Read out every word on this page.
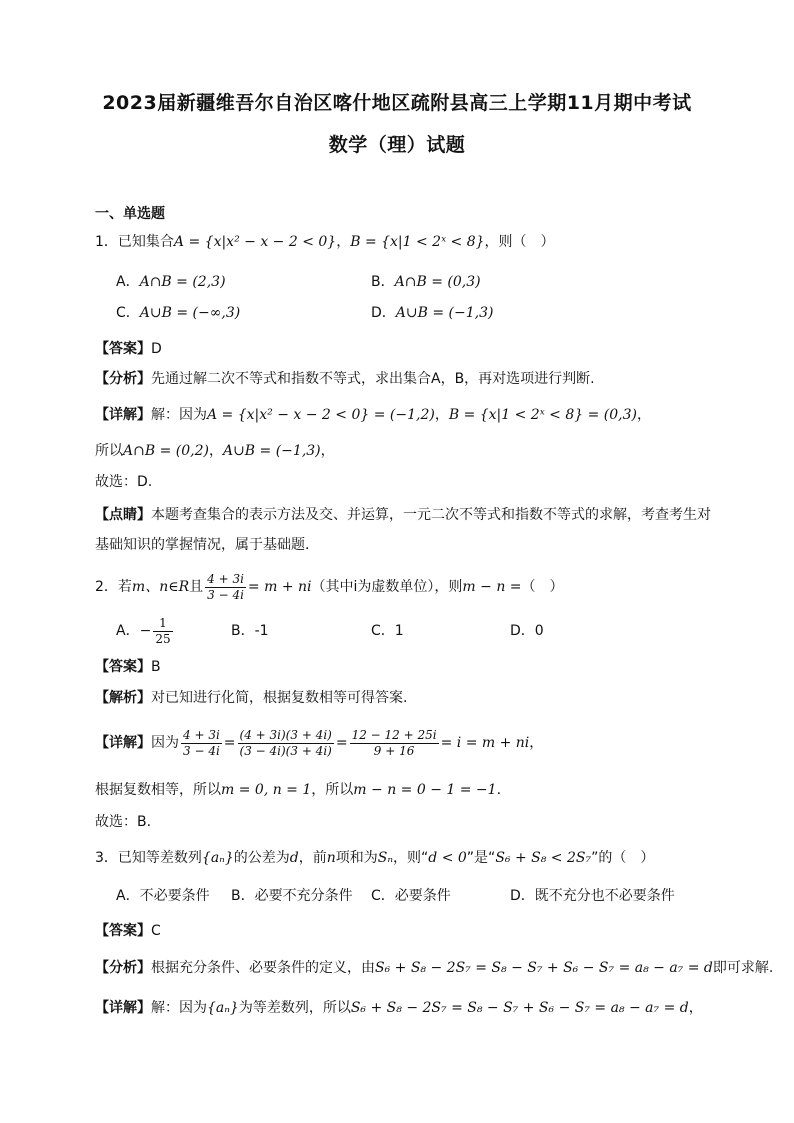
2023届新疆维吾尔自治区喀什地区疏附县高三上学期11月期中考试
数学（理）试题
一、单选题
1．已知集合A = {x|x² − x − 2 < 0}，B = {x|1 < 2ˣ < 8}，则（　）
A．A∩B = (2,3)	B．A∩B = (0,3)
C．A∪B = (−∞,3)	D．A∪B = (−1,3)
【答案】D
【分析】先通过解二次不等式和指数不等式，求出集合A，B，再对选项进行判断.
【详解】解：因为A = {x|x² − x − 2 < 0} = (−1,2)，B = {x|1 < 2ˣ < 8} = (0,3)，
所以A∩B = (0,2)，A∪B = (−1,3)，
故选：D.
【点睛】本题考查集合的表示方法及交、并运算，一元二次不等式和指数不等式的求解，考查考生对
基础知识的掌握情况，属于基础题.
2．若m、n∈R且 $\frac{4 + 3i}{3 - 4i} = m + ni$（其中i为虚数单位），则m − n =（　）
A．− $\frac{1}{25}$	B．-1	C．1	D．0
【答案】B
【解析】对已知进行化简，根据复数相等可得答案.
【详解】因为 $\frac{4 + 3i}{3 - 4i} = \frac{(4 + 3i)(3 + 4i)}{(3 - 4i)(3 + 4i)} = \frac{12 - 12 + 25i}{9 + 16} = i = m$ + ni，
根据复数相等，所以m = 0, n = 1，所以m − n = 0 − 1 = −1.
故选：B.
3．已知等差数列{aₙ}的公差为d，前n项和为Sₙ，则“d < 0”是“S₆ + S₈ < 2S₇”的（　）
A．不必要条件 B．必要不充分条件 C．必要条件	D．既不充分也不必要条件
【答案】C
【分析】根据充分条件、必要条件的定义，由S₆ + S₈ − 2S₇ = S₈ − S₇ + S₆ − S₇ = a₈ − a₇ = d即可求解.
【详解】解：因为{aₙ}为等差数列，所以S₆ + S₈ − 2S₇ = S₈ − S₇ + S₆ − S₇ = a₈ − a₇ = d，
